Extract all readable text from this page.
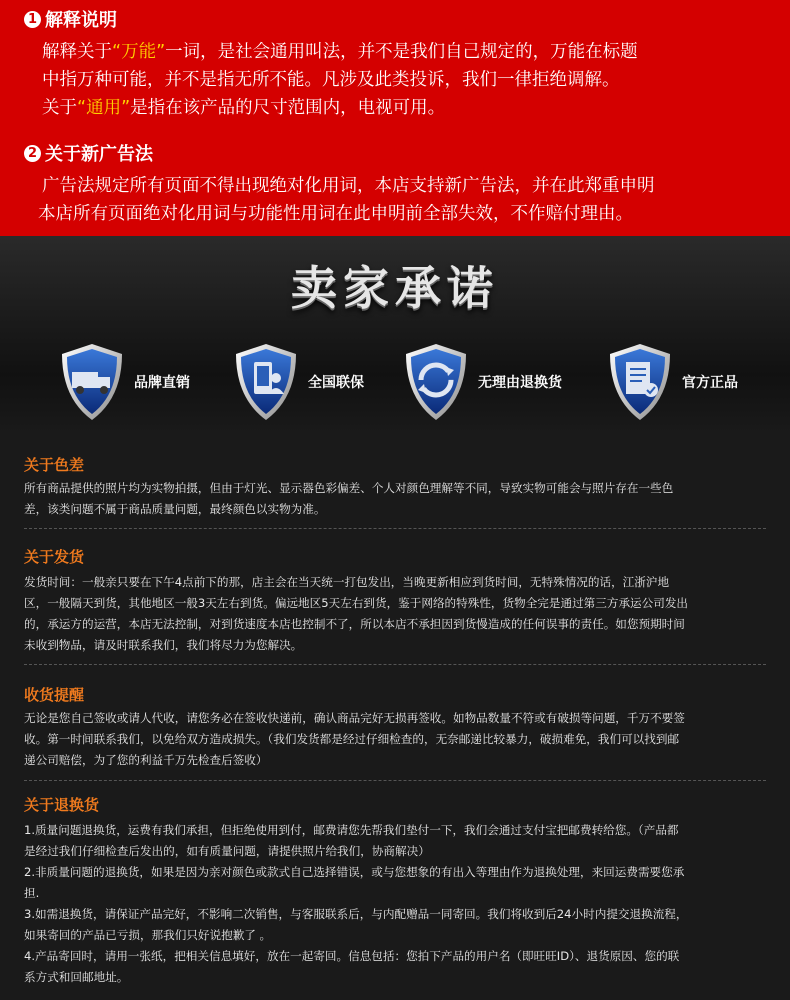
1 解释说明
解释关于“万能”一词，是社会通用叫法，并不是我们自己规定的，万能在标题
中指万种可能，并不是指无所不能。凡涉及此类投诉，我们一律拒绝调解。
关于“通用”是指在该产品的尺寸范围内，电视可用。
2 关于新广告法
广告法规定所有页面不得出现绝对化用词，本店支持新广告法，并在此郑重申明
本店所有页面绝对化用词与功能性用词在此申明前全部失效，不作赔付理由。
卖家承诺
品牌直销	全国联保	无理由退换货	官方正品
关于色差
所有商品提供的照片均为实物拍摄，但由于灯光、显示器色彩偏差、个人对颜色理解等不同，导致实物可能会与照片存在一些色
差，该类问题不属于商品质量问题，最终颜色以实物为准。
关于发货
发货时间：一般亲只要在下午4点前下的那，店主会在当天统一打包发出，当晚更新相应到货时间，无特殊情况的话，江浙沪地
区，一般隔天到货，其他地区一般3天左右到货。偏远地区5天左右到货，鉴于网络的特殊性，货物全完是通过第三方承运公司发出
的，承运方的运营，本店无法控制，对到货速度本店也控制不了，所以本店不承担因到货慢造成的任何误事的责任。如您预期时间
未收到物品，请及时联系我们，我们将尽力为您解决。
收货提醒
无论是您自己签收或请人代收，请您务必在签收快递前，确认商品完好无损再签收。如物品数量不符或有破损等问题，千万不要签
收。第一时间联系我们，以免给双方造成损失。（我们发货都是经过仔细检查的，无奈邮递比较暴力，破损难免，我们可以找到邮
递公司赔偿，为了您的利益千万先检查后签收）
关于退换货
1.质量问题退换货，运费有我们承担，但拒绝使用到付，邮费请您先帮我们垫付一下，我们会通过支付宝把邮费转给您。（产品都
是经过我们仔细检查后发出的，如有质量问题，请提供照片给我们，协商解决）
2.非质量问题的退换货，如果是因为亲对颜色或款式自己选择错误，或与您想象的有出入等理由作为退换处理，来回运费需要您承
担.
3.如需退换货，请保证产品完好，不影响二次销售，与客服联系后，与内配赠品一同寄回。我们将收到后24小时内提交退换流程，
如果寄回的产品已亏损，那我们只好说抱歉了 。
4.产品寄回时，请用一张纸，把相关信息填好，放在一起寄回。信息包括：您拍下产品的用户名（即旺旺ID）、退货原因、您的联
系方式和回邮地址。
